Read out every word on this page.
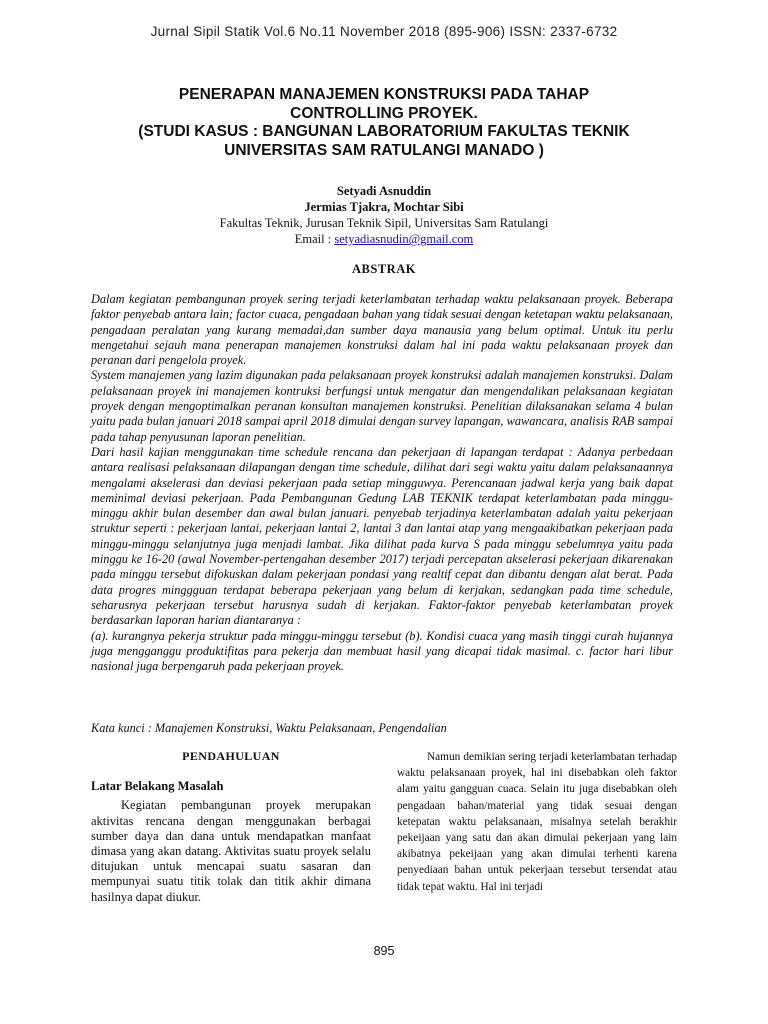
Jurnal Sipil Statik Vol.6 No.11 November 2018 (895-906) ISSN: 2337-6732
PENERAPAN MANAJEMEN KONSTRUKSI PADA TAHAP
CONTROLLING PROYEK.
(STUDI KASUS : BANGUNAN LABORATORIUM FAKULTAS TEKNIK
UNIVERSITAS SAM RATULANGI MANADO )
Setyadi Asnuddin
Jermias Tjakra, Mochtar Sibi
Fakultas Teknik, Jurusan Teknik Sipil, Universitas Sam Ratulangi
Email : setyadiasnudin@gmail.com
ABSTRAK

Dalam kegiatan pembangunan proyek sering terjadi keterlambatan terhadap waktu pelaksanaan proyek. Beberapa faktor penyebab antara lain; factor cuaca, pengadaan bahan yang tidak sesuai dengan ketetapan waktu pelaksanaan, pengadaan peralatan yang kurang memadai,dan sumber daya manausia yang belum optimal. Untuk itu perlu mengetahui sejauh mana penerapan manajemen konstruksi dalam hal ini pada waktu pelaksanaan proyek dan peranan dari pengelola proyek.

System manajemen yang lazim digunakan pada pelaksanaan proyek konstruksi adalah manajemen konstruksi. Dalam pelaksanaan proyek ini manajemen kontruksi berfungsi untuk mengatur dan mengendalikan pelaksanaan kegiatan proyek dengan mengoptimalkan peranan konsultan manajemen konstruksi. Penelitian dilaksanakan selama 4 bulan yaitu pada bulan januari 2018 sampai april 2018 dimulai dengan survey lapangan, wawancara, analisis RAB sampai pada tahap penyusunan laporan penelitian.

Dari hasil kajian menggunakan time schedule rencana dan pekerjaan di lapangan terdapat : Adanya perbedaan antara realisasi pelaksanaan dilapangan dengan time schedule, dilihat dari segi waktu yaitu dalam pelaksanaannya mengalami akselerasi dan deviasi pekerjaan pada setiap mingguwya. Perencanaan jadwal kerja yang baik dapat meminimal deviasi pekerjaan. Pada Pembangunan Gedung LAB TEKNIK terdapat keterlambatan pada minggu-minggu akhir bulan desember dan awal bulan januari. penyebab terjadinya keterlambatan adalah yaitu pekerjaan struktur seperti : pekerjaan lantai, pekerjaan lantai 2, lantai 3 dan lantai atap yang mengaakibatkan pekerjaan pada minggu-minggu selanjutnya juga menjadi lambat. Jika dilihat pada kurva S pada minggu sebelumnya yaitu pada minggu ke 16-20 (awal November-pertengahan desember 2017) terjadi percepatan akselerasi pekerjaan dikarenakan pada minggu tersebut difokuskan dalam pekerjaan pondasi yang realtif cepat dan dibantu dengan alat berat. Pada data progres minggguan terdapat beberapa pekerjaan yang belum di kerjakan, sedangkan pada time schedule, seharusnya pekerjaan tersebut harusnya sudah di kerjakan. Faktor-faktor penyebab keterlambatan proyek berdasarkan laporan harian diantaranya :

(a). kurangnya pekerja struktur pada minggu-minggu tersebut (b). Kondisi cuaca yang masih tinggi curah hujannya juga mengganggu produktifitas para pekerja dan membuat hasil yang dicapai tidak masimal. c. factor hari libur nasional juga berpengaruh pada pekerjaan proyek.

Kata kunci : Manajemen Konstruksi, Waktu Pelaksanaan, Pengendalian
PENDAHULUAN
Latar Belakang Masalah

Kegiatan pembangunan proyek merupakan aktivitas rencana dengan menggunakan berbagai sumber daya dan dana untuk mendapatkan manfaat dimasa yang akan datang. Aktivitas suatu proyek selalu ditujukan untuk mencapai suatu sasaran dan mempunyai suatu titik tolak dan titik akhir dimana hasilnya dapat diukur.

Namun demikian sering terjadi keterlambatan terhadap waktu pelaksanaan proyek, hal ini disebabkan oleh faktor alam yaitu gangguan cuaca. Selain itu juga disebabkan oleh pengadaan bahan/material yang tidak sesuai dengan ketepatan waktu pelaksanaan, misalnya setelah berakhir pekeijaan yang satu dan akan dimulai pekerjaan yang lain akibatnya pekeijaan yang akan dimulai terhenti karena penyediaan bahan untuk pekerjaan tersebut tersendat atau tidak tepat waktu. Hal ini terjadi

895
